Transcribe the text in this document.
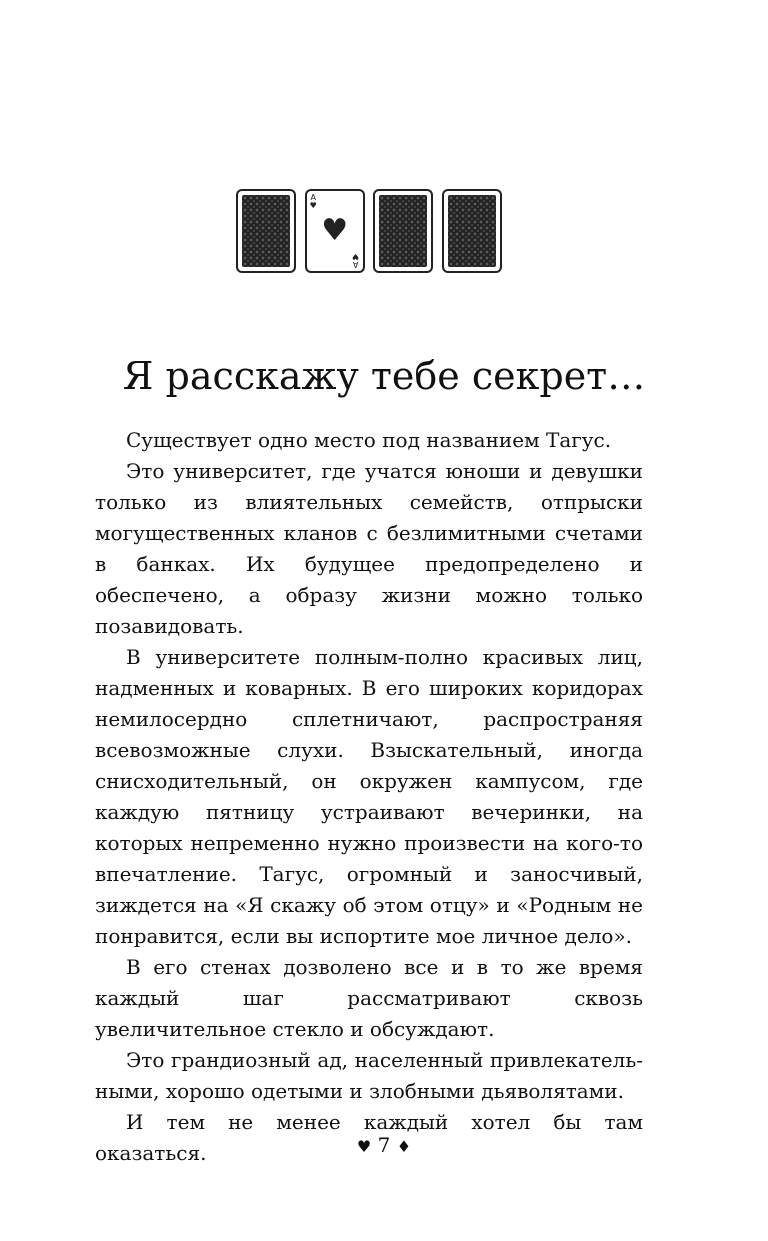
A
♥
♥
A
♥
Я расскажу тебе секрет…

Существует одно место под названием Тагус.

Это университет, где учатся юноши и девушки только из влиятельных семейств, отпрыски могущественных кланов с безлимитными счетами в банках. Их будущее предопределено и обеспечено, а образу жизни можно только позавидовать.

В университете полным-полно красивых лиц, надменных и коварных. В его широких коридорах немилосердно сплетничают, распространяя всевозможные слухи. Взыскательный, иногда снисходительный, он окружен кампусом, где каждую пятницу устраивают вечеринки, на которых непременно нужно произвести на кого-то впечатление. Тагус, огромный и заносчивый, зиждется на «Я скажу об этом отцу» и «Родным не понравится, если вы испортите мое личное дело».

В его стенах дозволено все и в то же время каждый шаг рассматривают сквозь увеличительное стекло и обсуждают.

Это грандиозный ад, населенный привлекательными, хорошо одетыми и злобными дьяволятами.

И тем не менее каждый хотел бы там оказаться.	♥ 7 ♦
